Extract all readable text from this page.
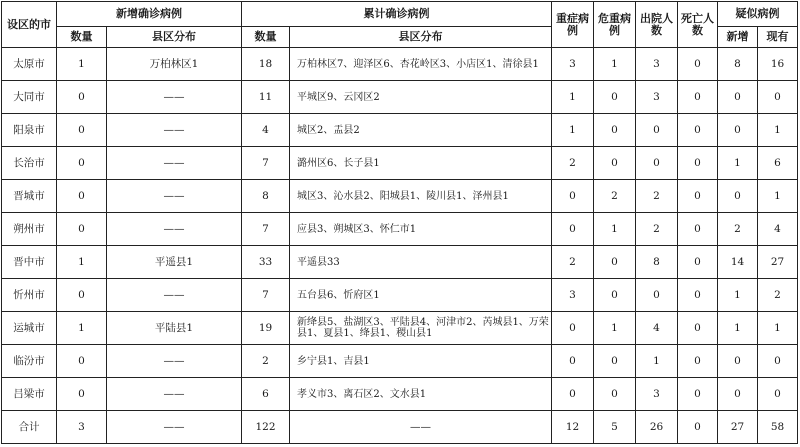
设区的市	新增确诊病例		累计确诊病例		重症病例	危重病例	出院人数	死亡人数	疑似病例	
	数量	县区分布	数量	县区分布					新增	现有
太原市	1	万柏林区1	18	万柏林区7、迎泽区6、杏花岭区3、小店区1、清徐县1	3	1	3	0	8	16
大同市	0	——	11	平城区9、云冈区2	1	0	3	0	0	0
阳泉市	0	——	4	城区2、盂县2	1	0	0	0	0	1
长治市	0	——	7	潞州区6、长子县1	2	0	0	0	1	6
晋城市	0	——	8	城区3、沁水县2、阳城县1、陵川县1、泽州县1	0	2	2	0	0	1
朔州市	0	——	7	应县3、朔城区3、怀仁市1	0	1	2	0	2	4
晋中市	1	平遥县1	33	平遥县33	2	0	8	0	14	27
忻州市	0	——	7	五台县6、忻府区1	3	0	0	0	1	2
运城市	1	平陆县1	19	新绛县5、盐湖区3、平陆县4、河津市2、芮城县1、万荣县1、夏县1、绛县1、稷山县1	0	1	4	0	1	1
临汾市	0	——	2	乡宁县1、吉县1	0	0	1	0	0	0
吕梁市	0	——	6	孝义市3、离石区2、文水县1	0	0	3	0	0	0
合计	3	——	122	——	12	5	26	0	27	58
